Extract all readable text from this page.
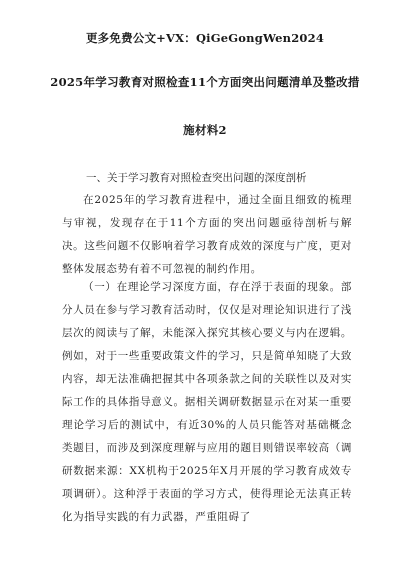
更多免费公文+VX：QiGeGongWen2024
2025年学习教育对照检查11个方面突出问题清单及整改措
施材料2
一、关于学习教育对照检查突出问题的深度剖析
在2025年的学习教育进程中，通过全面且细致的梳理与审视，发现存在于11个方面的突出问题亟待剖析与解决。这些问题不仅影响着学习教育成效的深度与广度，更对整体发展态势有着不可忽视的制约作用。
（一）在理论学习深度方面，存在浮于表面的现象。部分人员在参与学习教育活动时，仅仅是对理论知识进行了浅层次的阅读与了解，未能深入探究其核心要义与内在逻辑。例如，对于一些重要政策文件的学习，只是简单知晓了大致内容，却无法准确把握其中各项条款之间的关联性以及对实际工作的具体指导意义。据相关调研数据显示在对某一重要理论学习后的测试中，有近30%的人员只能答对基础概念类题目，而涉及到深度理解与应用的题目则错误率较高（调研数据来源：XX机构于2025年X月开展的学习教育成效专项调研）。这种浮于表面的学习方式，使得理论无法真正转化为指导实践的有力武器，严重阻碍了
